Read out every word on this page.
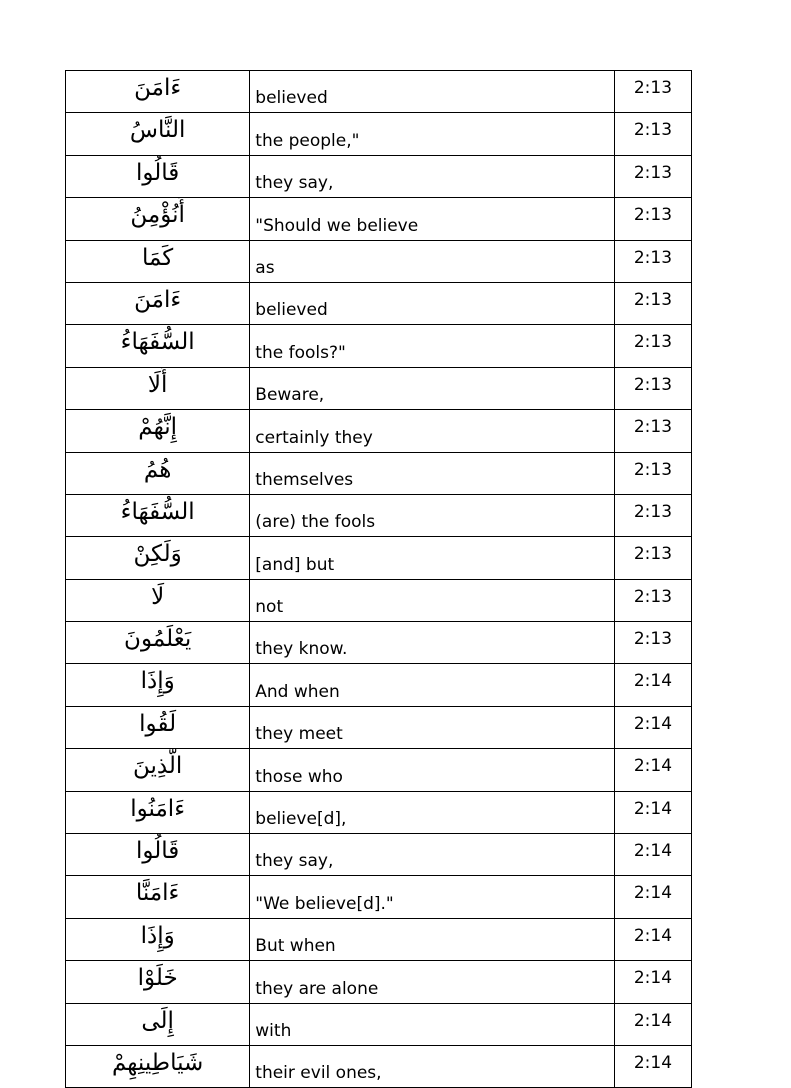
ءَامَنَ	believed	2:13
النَّاسُ	the people,"	2:13
قَالُوا	they say,	2:13
أَنُؤْمِنُ	"Should we believe	2:13
كَمَا	as	2:13
ءَامَنَ	believed	2:13
السُّفَهَاءُ	the fools?"	2:13
أَلَا	Beware,	2:13
إِنَّهُمْ	certainly they	2:13
هُمُ	themselves	2:13
السُّفَهَاءُ	(are) the fools	2:13
وَلَكِنْ	[and] but	2:13
لَا	not	2:13
يَعْلَمُونَ	they know.	2:13
وَإِذَا	And when	2:14
لَقُوا	they meet	2:14
الَّذِينَ	those who	2:14
ءَامَنُوا	believe[d],	2:14
قَالُوا	they say,	2:14
ءَامَنَّا	"We believe[d]."	2:14
وَإِذَا	But when	2:14
خَلَوْا	they are alone	2:14
إِلَى	with	2:14
شَيَاطِينِهِمْ	their evil ones,	2:14
